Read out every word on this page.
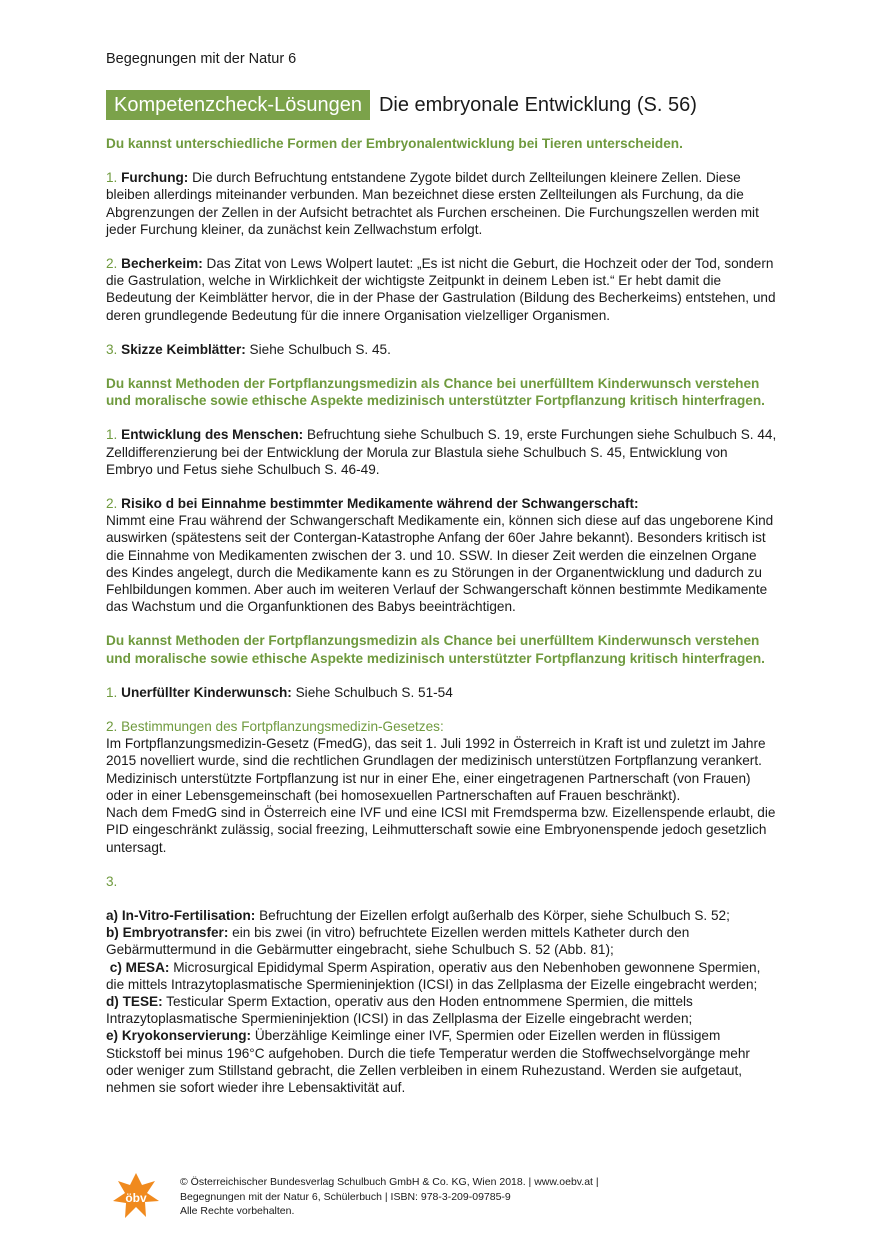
Begegnungen mit der Natur 6
Kompetenzcheck-Lösungen Die embryonale Entwicklung (S. 56)

Du kannst unterschiedliche Formen der Embryonalentwicklung bei Tieren unterscheiden.

1. Furchung: Die durch Befruchtung entstandene Zygote bildet durch Zellteilungen kleinere Zellen. Diese bleiben allerdings miteinander verbunden. Man bezeichnet diese ersten Zellteilungen als Furchung, da die Abgrenzungen der Zellen in der Aufsicht betrachtet als Furchen erscheinen. Die Furchungszellen werden mit jeder Furchung kleiner, da zunächst kein Zellwachstum erfolgt.

2. Becherkeim: Das Zitat von Lews Wolpert lautet: „Es ist nicht die Geburt, die Hochzeit oder der Tod, sondern die Gastrulation, welche in Wirklichkeit der wichtigste Zeitpunkt in deinem Leben ist.“ Er hebt damit die Bedeutung der Keimblätter hervor, die in der Phase der Gastrulation (Bildung des Becherkeims) entstehen, und deren grundlegende Bedeutung für die innere Organisation vielzelliger Organismen.

3. Skizze Keimblätter: Siehe Schulbuch S. 45.

Du kannst Methoden der Fortpflanzungsmedizin als Chance bei unerfülltem Kinderwunsch verstehen und moralische sowie ethische Aspekte medizinisch unterstützter Fortpflanzung kritisch hinterfragen.

1. Entwicklung des Menschen: Befruchtung siehe Schulbuch S. 19, erste Furchungen siehe Schulbuch S. 44, Zelldifferenzierung bei der Entwicklung der Morula zur Blastula siehe Schulbuch S. 45, Entwicklung von Embryo und Fetus siehe Schulbuch S. 46-49.

2. Risiko d bei Einnahme bestimmter Medikamente während der Schwangerschaft:
Nimmt eine Frau während der Schwangerschaft Medikamente ein, können sich diese auf das ungeborene Kind auswirken (spätestens seit der Contergan-Katastrophe Anfang der 60er Jahre bekannt). Besonders kritisch ist die Einnahme von Medikamenten zwischen der 3. und 10. SSW. In dieser Zeit werden die einzelnen Organe des Kindes angelegt, durch die Medikamente kann es zu Störungen in der Organentwicklung und dadurch zu Fehlbildungen kommen. Aber auch im weiteren Verlauf der Schwangerschaft können bestimmte Medikamente das Wachstum und die Organfunktionen des Babys beeinträchtigen.

Du kannst Methoden der Fortpflanzungsmedizin als Chance bei unerfülltem Kinderwunsch verstehen und moralische sowie ethische Aspekte medizinisch unterstützter Fortpflanzung kritisch hinterfragen.

1. Unerfüllter Kinderwunsch: Siehe Schulbuch S. 51-54

2. Bestimmungen des Fortpflanzungsmedizin-Gesetzes:

Im Fortpflanzungsmedizin-Gesetz (FmedG), das seit 1. Juli 1992 in Österreich in Kraft ist und zuletzt im Jahre 2015 novelliert wurde, sind die rechtlichen Grundlagen der medizinisch unterstützen Fortpflanzung verankert. Medizinisch unterstützte Fortpflanzung ist nur in einer Ehe, einer eingetragenen Partnerschaft (von Frauen) oder in einer Lebensgemeinschaft (bei homosexuellen Partnerschaften auf Frauen beschränkt).

Nach dem FmedG sind in Österreich eine IVF und eine ICSI mit Fremdsperma bzw. Eizellenspende erlaubt, die PID eingeschränkt zulässig, social freezing, Leihmutterschaft sowie eine Embryonenspende jedoch gesetzlich untersagt.

3.

a) In-Vitro-Fertilisation: Befruchtung der Eizellen erfolgt außerhalb des Körper, siehe Schulbuch S. 52;

b) Embryotransfer: ein bis zwei (in vitro) befruchtete Eizellen werden mittels Katheter durch den Gebärmuttermund in die Gebärmutter eingebracht, siehe Schulbuch S. 52 (Abb. 81);

c) MESA: Microsurgical Epididymal Sperm Aspiration, operativ aus den Nebenhoben gewonnene Spermien, die mittels Intrazytoplasmatische Spermieninjektion (ICSI) in das Zellplasma der Eizelle eingebracht werden;

d) TESE: Testicular Sperm Extaction, operativ aus den Hoden entnommene Spermien, die mittels Intrazytoplasmatische Spermieninjektion (ICSI) in das Zellplasma der Eizelle eingebracht werden;

e) Kryokonservierung: Überzählige Keimlinge einer IVF, Spermien oder Eizellen werden in flüssigem Stickstoff bei minus 196°C aufgehoben. Durch die tiefe Temperatur werden die Stoffwechselvorgänge mehr oder weniger zum Stillstand gebracht, die Zellen verbleiben in einem Ruhezustand. Werden sie aufgetaut, nehmen sie sofort wieder ihre Lebensaktivität auf.

öbv
© Österreichischer Bundesverlag Schulbuch GmbH & Co. KG, Wien 2018. | www.oebv.at |
Begegnungen mit der Natur 6, Schülerbuch | ISBN: 978-3-209-09785-9
Alle Rechte vorbehalten.
